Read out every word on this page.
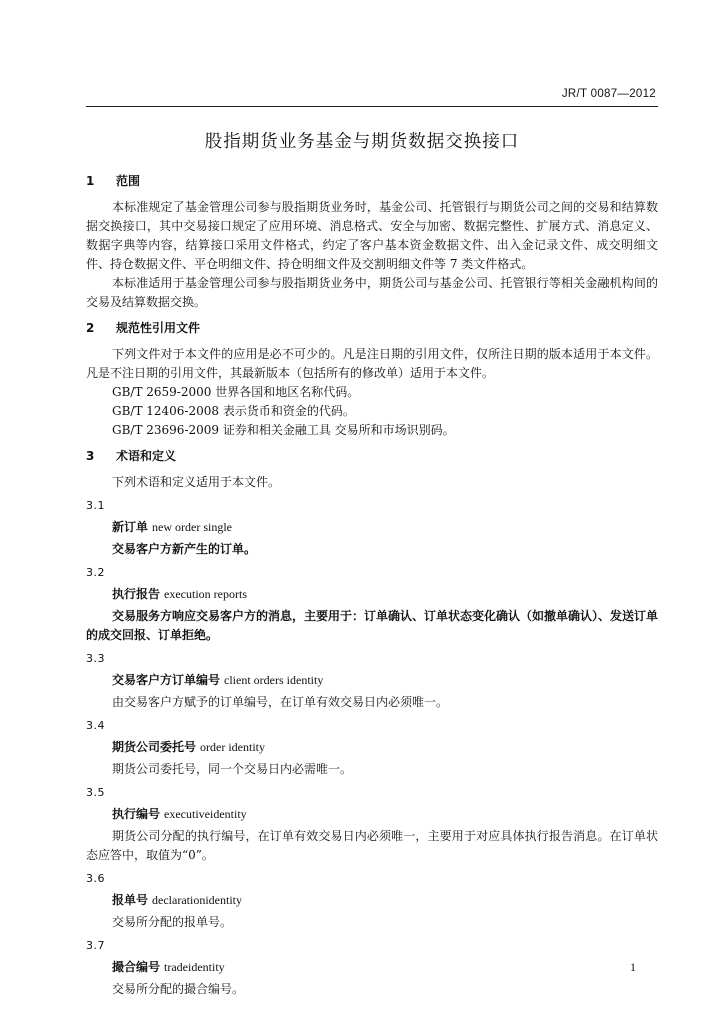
JR/T 0087—2012
股指期货业务基金与期货数据交换接口
1 范围

本标准规定了基金管理公司参与股指期货业务时，基金公司、托管银行与期货公司之间的交易和结算数据交换接口，其中交易接口规定了应用环境、消息格式、安全与加密、数据完整性、扩展方式、消息定义、数据字典等内容，结算接口采用文件格式，约定了客户基本资金数据文件、出入金记录文件、成交明细文件、持仓数据文件、平仓明细文件、持仓明细文件及交割明细文件等 7 类文件格式。

本标准适用于基金管理公司参与股指期货业务中，期货公司与基金公司、托管银行等相关金融机构间的交易及结算数据交换。

2 规范性引用文件

下列文件对于本文件的应用是必不可少的。凡是注日期的引用文件，仅所注日期的版本适用于本文件。凡是不注日期的引用文件，其最新版本（包括所有的修改单）适用于本文件。

GB/T 2659-2000 世界各国和地区名称代码。

GB/T 12406-2008 表示货币和资金的代码。

GB/T 23696-2009 证券和相关金融工具 交易所和市场识别码。

3 术语和定义

下列术语和定义适用于本文件。

3.1
新订单 new order single

交易客户方新产生的订单。

3.2
执行报告 execution reports

交易服务方响应交易客户方的消息，主要用于：订单确认、订单状态变化确认（如撤单确认）、发送订单的成交回报、订单拒绝。

3.3
交易客户方订单编号 client orders identity

由交易客户方赋予的订单编号，在订单有效交易日内必须唯一。

3.4
期货公司委托号 order identity

期货公司委托号，同一个交易日内必需唯一。

3.5
执行编号 executiveidentity

期货公司分配的执行编号，在订单有效交易日内必须唯一，主要用于对应具体执行报告消息。在订单状态应答中，取值为“0”。

3.6
报单号 declarationidentity

交易所分配的报单号。

3.7
撮合编号 tradeidentity

交易所分配的撮合编号。

1
